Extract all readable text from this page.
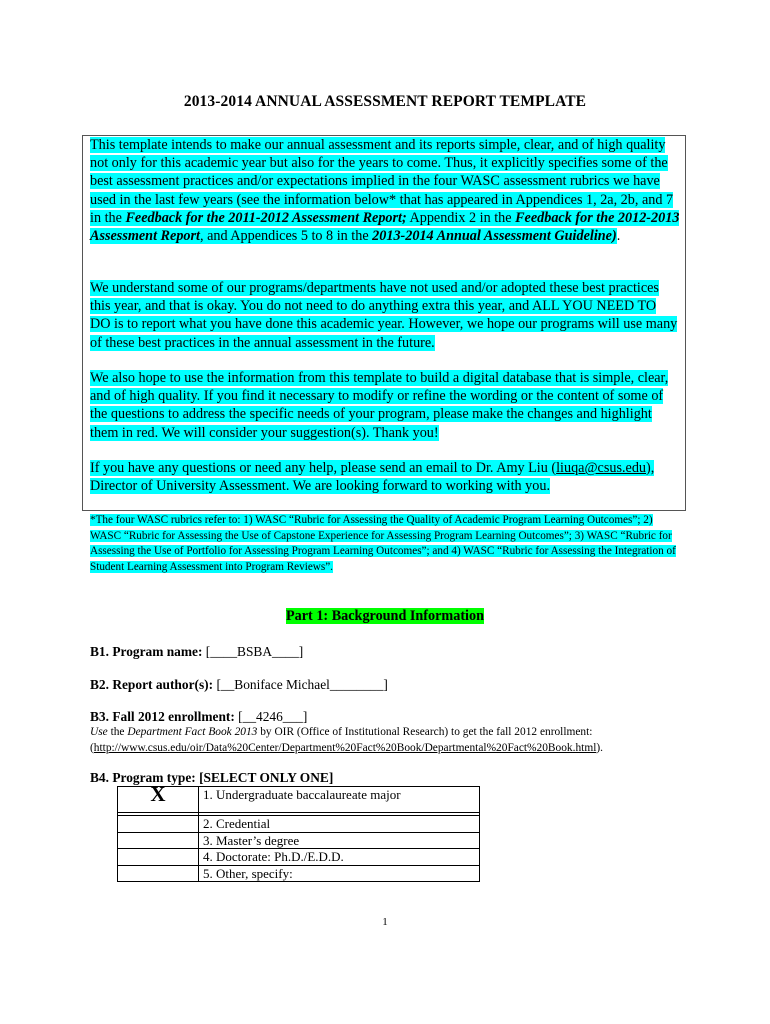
2013-2014 ANNUAL ASSESSMENT REPORT TEMPLATE
This template intends to make our annual assessment and its reports simple, clear, and of high quality not only for this academic year but also for the years to come. Thus, it explicitly specifies some of the best assessment practices and/or expectations implied in the four WASC assessment rubrics we have used in the last few years (see the information below* that has appeared in Appendices 1, 2a, 2b, and 7 in the Feedback for the 2011-2012 Assessment Report; Appendix 2 in the Feedback for the 2012-2013 Assessment Report, and Appendices 5 to 8 in the 2013-2014 Annual Assessment Guideline).
We understand some of our programs/departments have not used and/or adopted these best practices this year, and that is okay. You do not need to do anything extra this year, and ALL YOU NEED TO DO is to report what you have done this academic year. However, we hope our programs will use many of these best practices in the annual assessment in the future.
We also hope to use the information from this template to build a digital database that is simple, clear, and of high quality. If you find it necessary to modify or refine the wording or the content of some of the questions to address the specific needs of your program, please make the changes and highlight them in red. We will consider your suggestion(s). Thank you!
If you have any questions or need any help, please send an email to Dr. Amy Liu (liuqa@csus.edu), Director of University Assessment. We are looking forward to working with you.
*The four WASC rubrics refer to: 1) WASC “Rubric for Assessing the Quality of Academic Program Learning Outcomes”; 2) WASC “Rubric for Assessing the Use of Capstone Experience for Assessing Program Learning Outcomes”; 3) WASC “Rubric for Assessing the Use of Portfolio for Assessing Program Learning Outcomes”; and 4) WASC “Rubric for Assessing the Integration of Student Learning Assessment into Program Reviews”.
Part 1: Background Information
B1. Program name: [____BSBA____]
B2. Report author(s): [__Boniface Michael________]
B3. Fall 2012 enrollment: [__4246___]
Use the Department Fact Book 2013 by OIR (Office of Institutional Research) to get the fall 2012 enrollment: (http://www.csus.edu/oir/Data%20Center/Department%20Fact%20Book/Departmental%20Fact%20Book.html).
B4. Program type: [SELECT ONLY ONE]
X	1. Undergraduate baccalaureate major

	2. Credential
	3. Master’s degree
	4. Doctorate: Ph.D./E.D.D.
	5. Other, specify:
1
